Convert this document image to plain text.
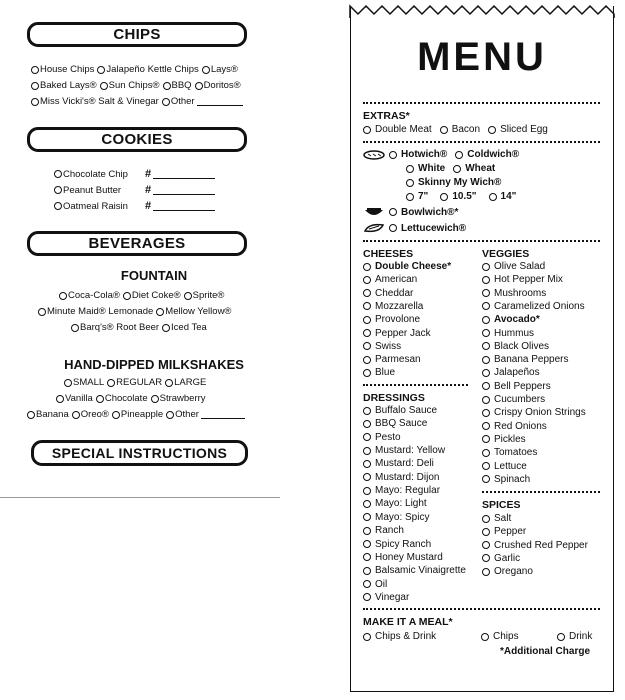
CHIPS
House Chips Jalapeño Kettle Chips Lays®
Baked Lays® Sun Chips® BBQ Doritos®
Miss Vicki's® Salt & Vinegar Other
COOKIES
Chocolate Chip #
Peanut Butter #
Oatmeal Raisin #
BEVERAGES
FOUNTAIN
Coca-Cola® Diet Coke® Sprite®
Minute Maid® Lemonade Mellow Yellow®
Barq's® Root Beer Iced Tea
HAND-DIPPED MILKSHAKES
SMALL REGULAR LARGE
Vanilla Chocolate Strawberry
Banana Oreo® Pineapple Other
SPECIAL INSTRUCTIONS
MENU
EXTRAS*
Double Meat Bacon Sliced Egg
Hotwich® Coldwich®
White Wheat
Skinny My Wich®
7" 10.5" 14"
Bowlwich®*
Lettucewich®
CHEESES	VEGGIES
Double Cheese*
American
Cheddar
Mozzarella
Provolone
Pepper Jack
Swiss
Parmesan
Blue
Olive Salad
Hot Pepper Mix
Mushrooms
Caramelized Onions
Avocado*
Hummus
Black Olives
Banana Peppers
Jalapeños
Bell Peppers
Cucumbers
Crispy Onion Strings
Red Onions
Pickles
Tomatoes
Lettuce
Spinach
DRESSINGS
Buffalo Sauce
BBQ Sauce
Pesto
Mustard: Yellow
Mustard: Deli
Mustard: Dijon
Mayo: Regular
Mayo: Light
Mayo: Spicy
Ranch
Spicy Ranch
Honey Mustard
Balsamic Vinaigrette
Oil
Vinegar
SPICES
Salt
Pepper
Crushed Red Pepper
Garlic
Oregano
MAKE IT A MEAL*
Chips & Drink	Chips	Drink
*Additional Charge
